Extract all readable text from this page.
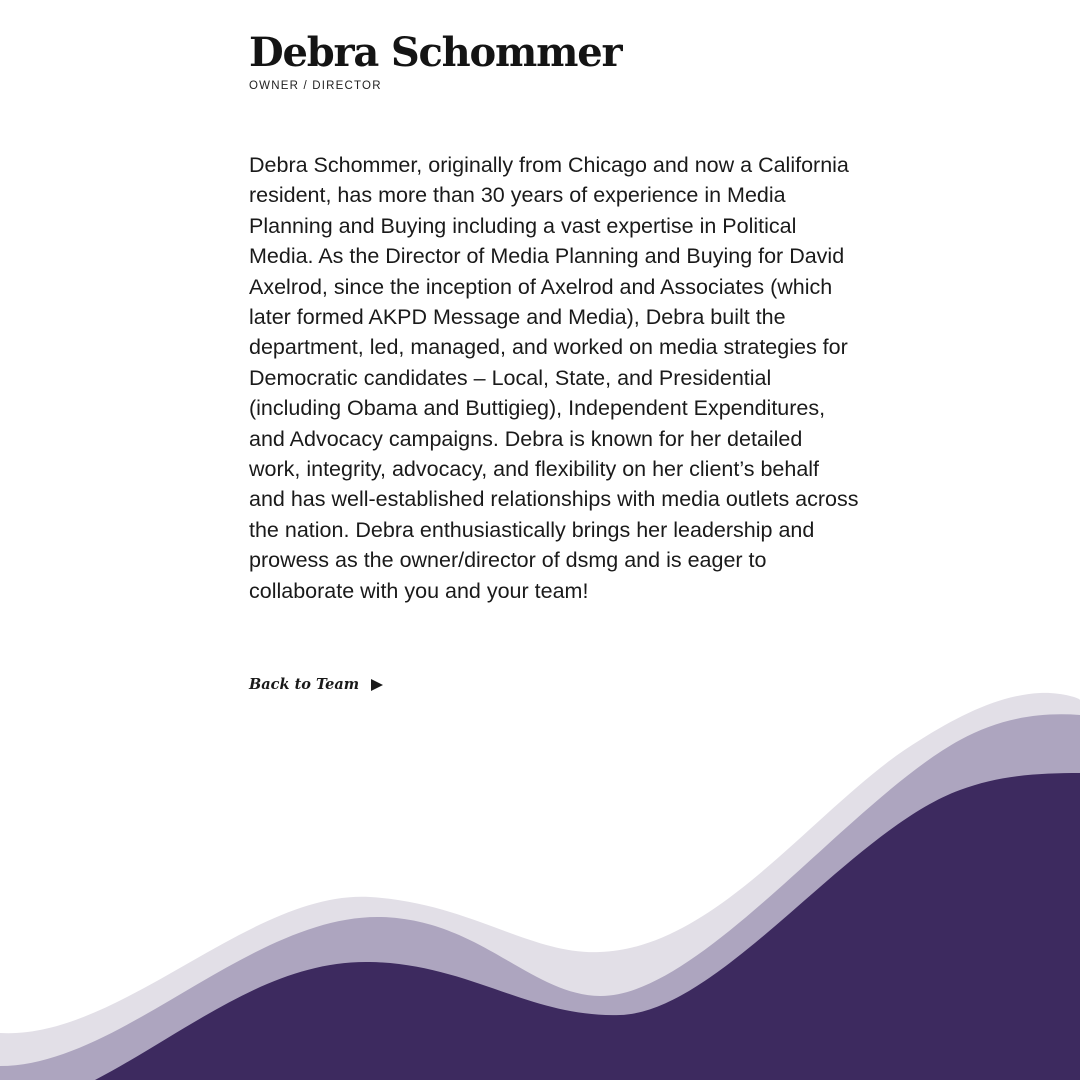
Debra Schommer
OWNER / DIRECTOR

Debra Schommer, originally from Chicago and now a California resident, has more than 30 years of experience in Media Planning and Buying including a vast expertise in Political Media. As the Director of Media Planning and Buying for David Axelrod, since the inception of Axelrod and Associates (which later formed AKPD Message and Media), Debra built the department, led, managed, and worked on media strategies for Democratic candidates – Local, State, and Presidential (including Obama and Buttigieg), Independent Expenditures, and Advocacy campaigns. Debra is known for her detailed work, integrity, advocacy, and flexibility on her client’s behalf and has well-established relationships with media outlets across the nation. Debra enthusiastically brings her leadership and prowess as the owner/director of dsmg and is eager to collaborate with you and your team!

Back to Team
